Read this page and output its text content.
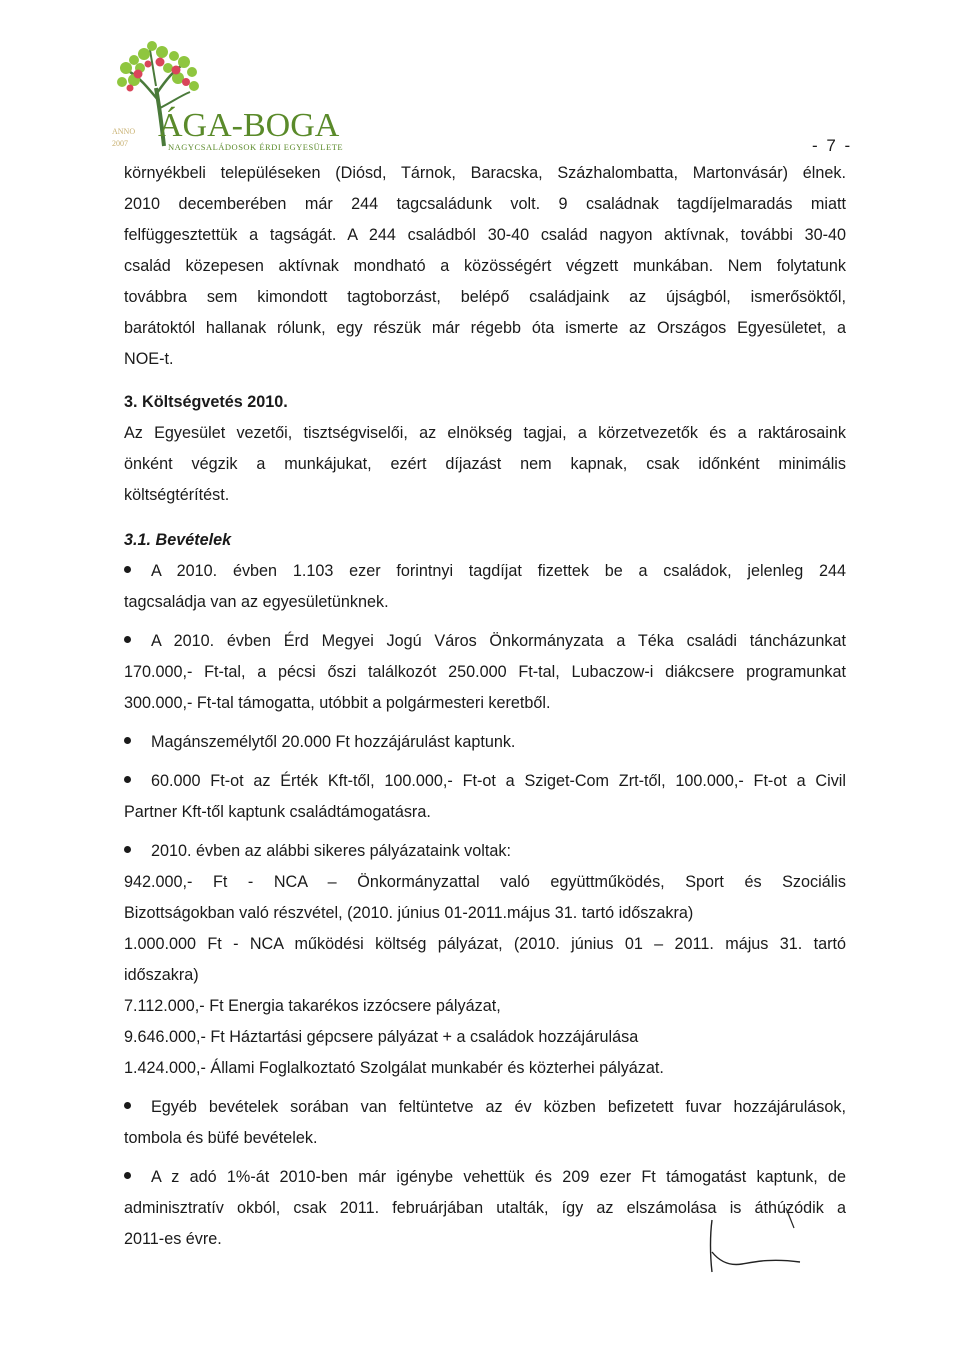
ANNO
2007 ÁGA-BOGA
NAGYCSALÁDOSOK ÉRDI EGYESÜLETE	- 7 -
környékbeli településeken (Diósd, Tárnok, Baracska, Százhalombatta, Martonvásár) élnek.
2010 decemberében már 244 tagcsaládunk volt. 9 családnak tagdíjelmaradás miatt
felfüggesztettük a tagságát. A 244 családból 30-40 család nagyon aktívnak, további 30-40
család közepesen aktívnak mondható a közösségért végzett munkában. Nem folytatunk
továbbra sem kimondott tagtoborzást, belépő családjaink az újságból, ismerősöktől,
barátoktól hallanak rólunk, egy részük már régebb óta ismerte az Országos Egyesületet, a
NOE-t.
3. Költségvetés 2010.
Az Egyesület vezetői, tisztségviselői, az elnökség tagjai, a körzetvezetők és a raktárosaink
önként végzik a munkájukat, ezért díjazást nem kapnak, csak időnként minimális
költségtérítést.
3.1. Bevételek
A 2010. évben 1.103 ezer forintnyi tagdíjat fizettek be a családok, jelenleg 244
tagcsaládja van az egyesületünknek.
A 2010. évben Érd Megyei Jogú Város Önkormányzata a Téka családi táncházunkat
170.000,- Ft-tal, a pécsi őszi találkozót 250.000 Ft-tal, Lubaczow-i diákcsere programunkat
300.000,- Ft-tal támogatta, utóbbit a polgármesteri keretből.
Magánszemélytől 20.000 Ft hozzájárulást kaptunk.
60.000 Ft-ot az Érték Kft-től, 100.000,- Ft-ot a Sziget-Com Zrt-től, 100.000,- Ft-ot a Civil
Partner Kft-től kaptunk családtámogatásra.
2010. évben az alábbi sikeres pályázataink voltak:
942.000,- Ft - NCA – Önkormányzattal való együttműködés, Sport és Szociális
Bizottságokban való részvétel, (2010. június 01-2011.május 31. tartó időszakra)
1.000.000 Ft - NCA működési költség pályázat, (2010. június 01 – 2011. május 31. tartó
időszakra)
7.112.000,- Ft Energia takarékos izzócsere pályázat,
9.646.000,- Ft Háztartási gépcsere pályázat + a családok hozzájárulása
1.424.000,- Állami Foglalkoztató Szolgálat munkabér és közterhei pályázat.
Egyéb bevételek sorában van feltüntetve az év közben befizetett fuvar hozzájárulások,
tombola és büfé bevételek.
A z adó 1%-át 2010-ben már igénybe vehettük és 209 ezer Ft támogatást kaptunk, de
adminisztratív okból, csak 2011. februárjában utalták, így az elszámolása is áthúzódik a
2011-es évre.
